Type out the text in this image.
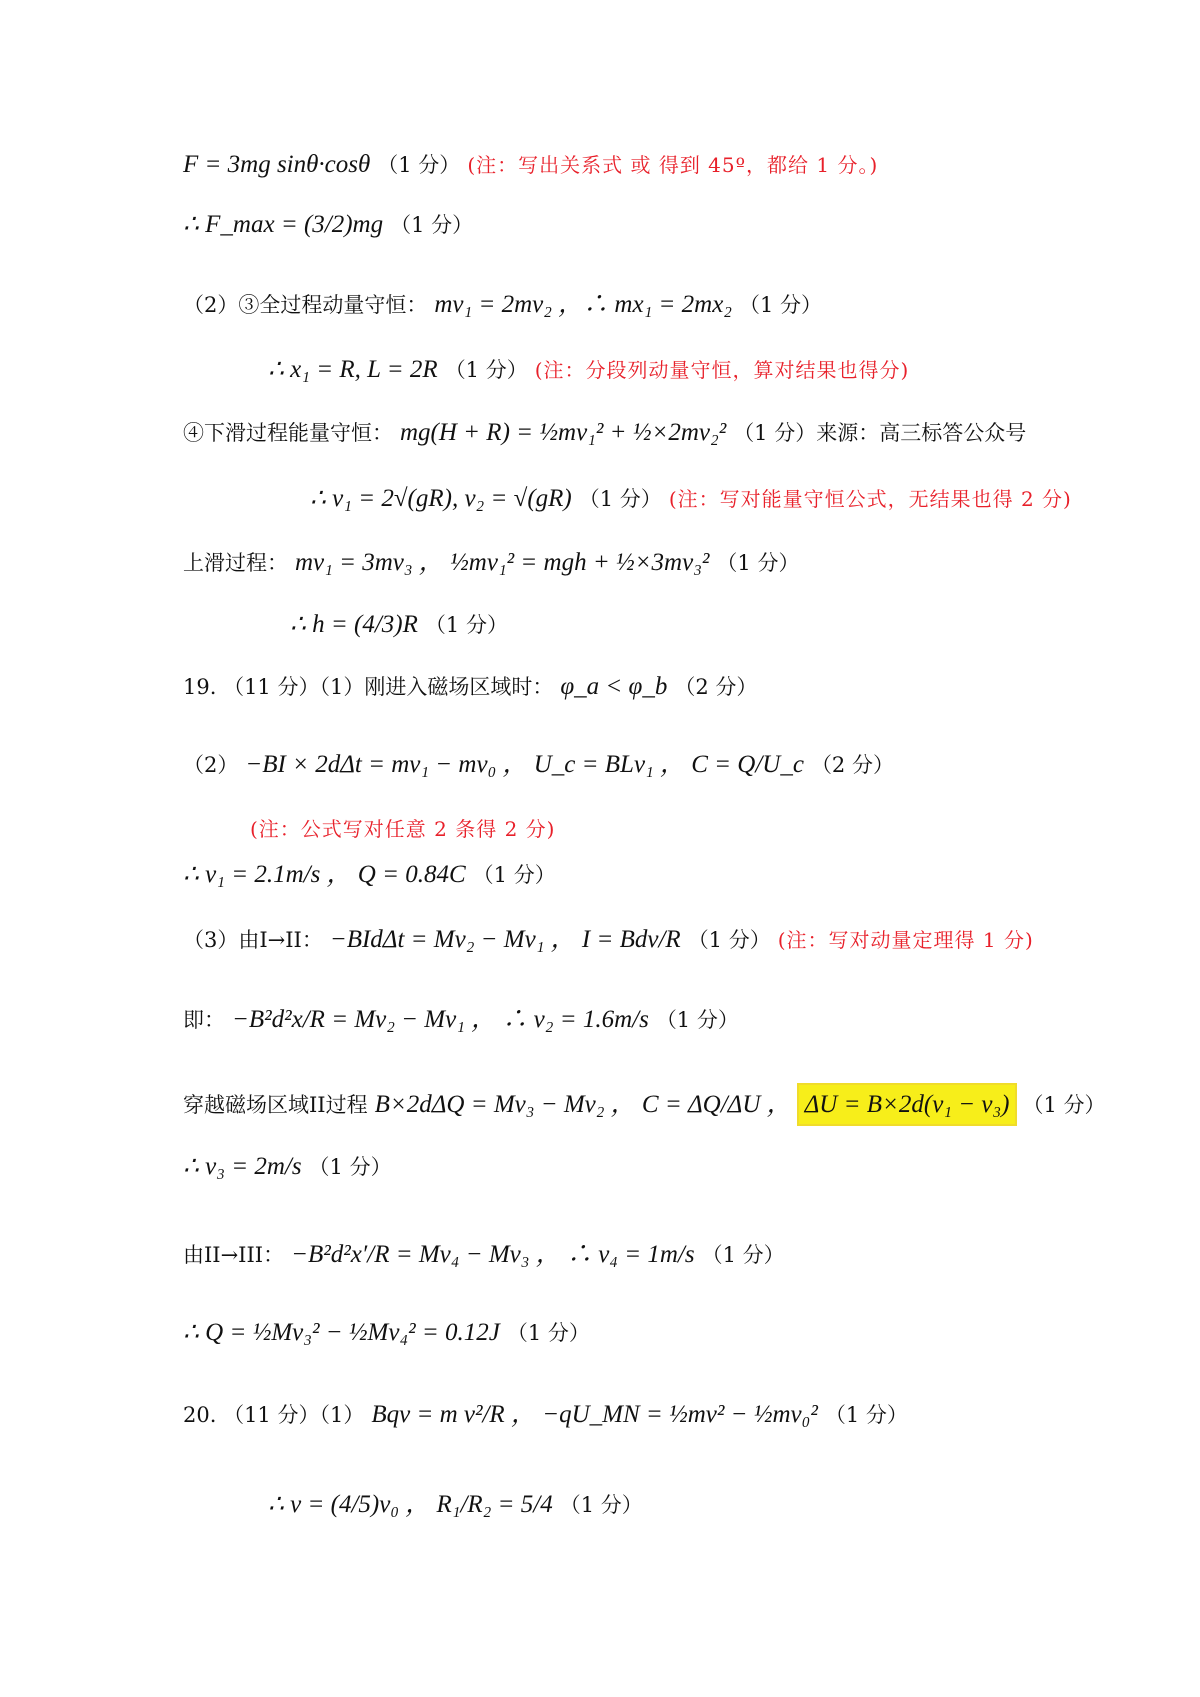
F = 3mg sinθ·cosθ （1 分） (注：写出关系式 或 得到 45º，都给 1 分。)
∴ F_max = (3/2)mg （1 分）
（2）③全过程动量守恒： mv₁ = 2mv₂ ，∴ mx₁ = 2mx₂ （1 分）
∴ x₁ = R, L = 2R （1 分） (注：分段列动量守恒，算对结果也得分)
④下滑过程能量守恒： mg(H + R) = ½mv₁² + ½×2mv₂² （1 分）来源：高三标答公众号
∴ v₁ = 2√(gR), v₂ = √(gR) （1 分） (注：写对能量守恒公式，无结果也得 2 分)
上滑过程： mv₁ = 3mv₃ ， ½mv₁² = mgh + ½×3mv₃² （1 分）
∴ h = (4/3)R （1 分）
19. （11 分）（1）刚进入磁场区域时： φ_a < φ_b （2 分）
（2） −BI × 2dΔt = mv₁ − mv₀ ， U_c = BLv₁ ， C = Q/U_c （2 分）
(注：公式写对任意 2 条得 2 分)
∴ v₁ = 2.1m/s ， Q = 0.84C （1 分）
（3）由I→II： −BIdΔt = Mv₂ − Mv₁ ， I = Bdv/R （1 分） (注：写对动量定理得 1 分)
即： −B²d²x/R = Mv₂ − Mv₁ ， ∴ v₂ = 1.6m/s （1 分）
穿越磁场区域II过程 B×2dΔQ = Mv₃ − Mv₂ ， C = ΔQ/ΔU ， ΔU = B×2d(v₁ − v₃) （1 分）
∴ v₃ = 2m/s （1 分）
由II→III： −B²d²x′/R = Mv₄ − Mv₃ ， ∴ v₄ = 1m/s （1 分）
∴ Q = ½Mv₃² − ½Mv₄² = 0.12J （1 分）
20. （11 分）（1） Bqv = m v²/R ， −qU_MN = ½mv² − ½mv₀² （1 分）
∴ v = (4/5)v₀ ， R₁/R₂ = 5/4 （1 分）
